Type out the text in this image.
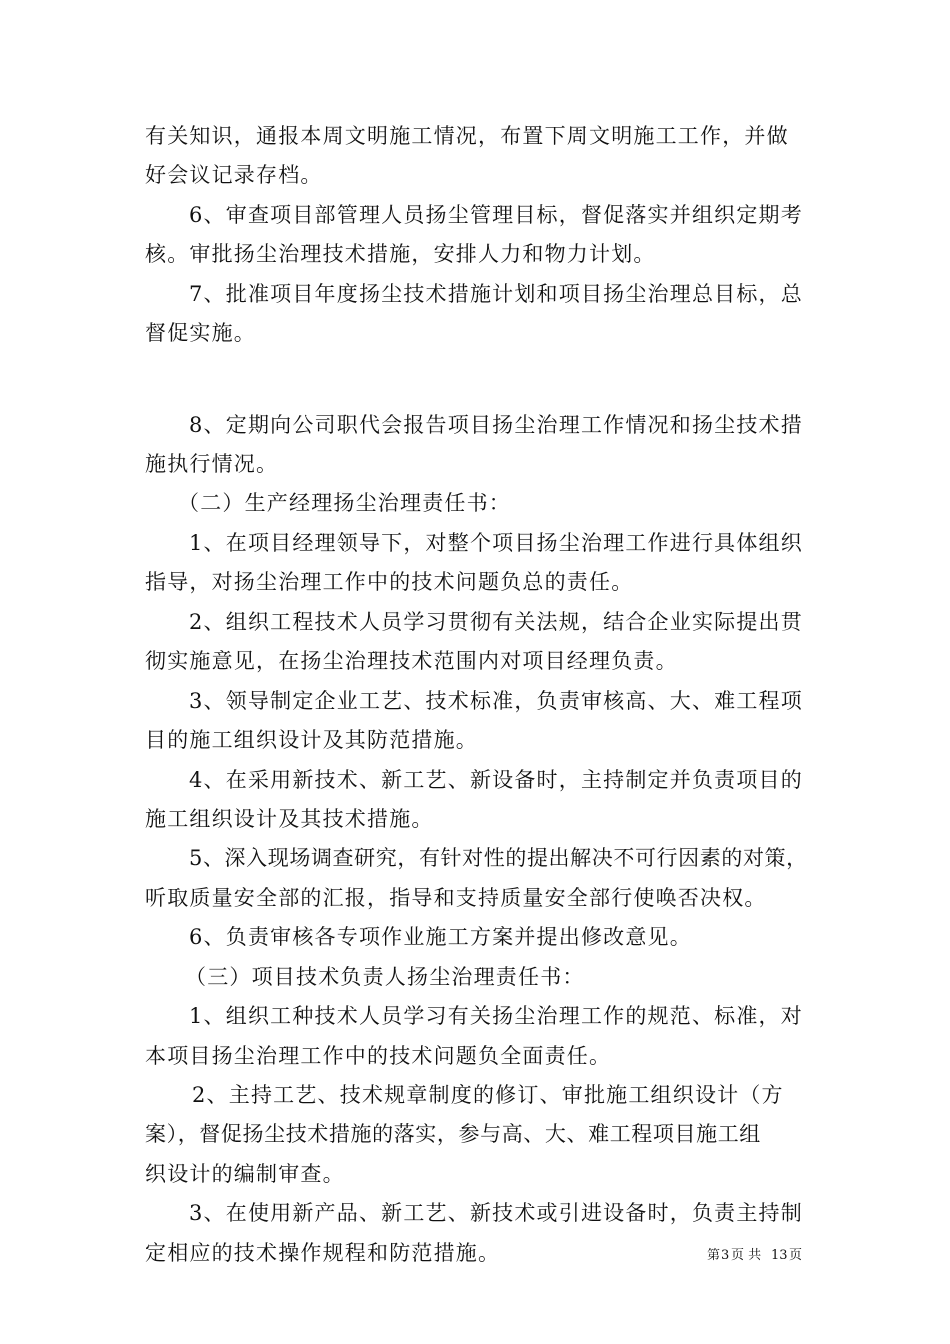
有关知识，通报本周文明施工情况，布置下周文明施工工作，并做
好会议记录存档。
6、审查项目部管理人员扬尘管理目标，督促落实并组织定期考
核。审批扬尘治理技术措施，安排人力和物力计划。
7、批准项目年度扬尘技术措施计划和项目扬尘治理总目标，总
督促实施。
8、定期向公司职代会报告项目扬尘治理工作情况和扬尘技术措
施执行情况。
（二）生产经理扬尘治理责任书：
1、在项目经理领导下，对整个项目扬尘治理工作进行具体组织
指导，对扬尘治理工作中的技术问题负总的责任。
2、组织工程技术人员学习贯彻有关法规，结合企业实际提出贯
彻实施意见，在扬尘治理技术范围内对项目经理负责。
3、领导制定企业工艺、技术标准，负责审核高、大、难工程项
目的施工组织设计及其防范措施。
4、在采用新技术、新工艺、新设备时，主持制定并负责项目的
施工组织设计及其技术措施。
5、深入现场调查研究，有针对性的提出解决不可行因素的对策，
听取质量安全部的汇报，指导和支持质量安全部行使唤否决权。
6、负责审核各专项作业施工方案并提出修改意见。
（三）项目技术负责人扬尘治理责任书：
1、组织工种技术人员学习有关扬尘治理工作的规范、标准，对
本项目扬尘治理工作中的技术问题负全面责任。
2、主持工艺、技术规章制度的修订、审批施工组织设计（方
案），督促扬尘技术措施的落实，参与高、大、难工程项目施工组
织设计的编制审查。
3、在使用新产品、新工艺、新技术或引进设备时，负责主持制
定相应的技术操作规程和防范措施。	第 3 页 共 13 页
